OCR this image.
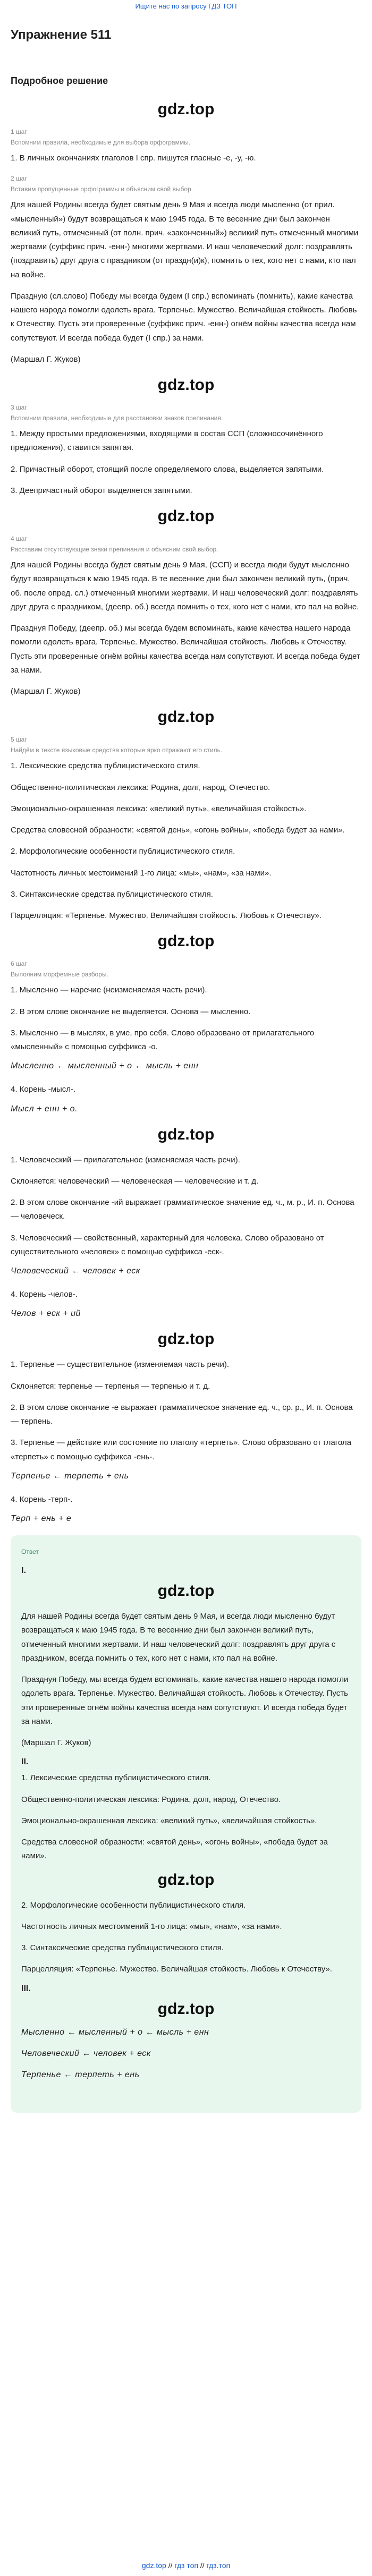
Ищите нас по запросу ГДЗ ТОП
Упражнение 511
Подробное решение
gdz.top
1 шаг
Вспомним правила, необходимые для выбора орфограммы.

1. В личных окончаниях глаголов I спр. пишутся гласные -е, -у, -ю.

2 шаг
Вставим пропущенные орфограммы и объясним свой выбор.

Для нашей Родины всегда будет святым день 9 Мая и всегда люди мысленно (от прил. «мысленный») будут возвращаться к маю 1945 года. В те весенние дни был закончен великий путь, отмеченный (от полн. прич. «законченный») великий путь отмеченный многими жертвами (суффикс прич. -енн-) многими жертвами. И наш человеческий долг: поздравлять (поздравить) друг друга с праздником (от праздн(и)к), помнить о тех, кого нет с нами, кто пал на войне.

Праздную (сл.слово) Победу мы всегда будем (I спр.) вспоминать (помнить), какие качества нашего народа помогли одолеть врага. Терпенье. Мужество. Величайшая стойкость. Любовь к Отечеству. Пусть эти проверенные (суффикс прич. -енн-) огнём войны качества всегда нам сопутствуют. И всегда победа будет (I спр.) за нами.

(Маршал Г. Жуков)

gdz.top
3 шаг
Вспомним правила, необходимые для расстановки знаков препинания.

1. Между простыми предложениями, входящими в состав ССП (сложносочинённого предложения), ставится запятая.

2. Причастный оборот, стоящий после определяемого слова, выделяется запятыми.

3. Деепричастный оборот выделяется запятыми.

gdz.top
4 шаг
Расставим отсутствующие знаки препинания и объясним свой выбор.

Для нашей Родины всегда будет святым день 9 Мая, (ССП) и всегда люди будут мысленно будут возвращаться к маю 1945 года. В те весенние дни был закончен великий путь, (прич. об. после опред. сл.) отмеченный многими жертвами. И наш человеческий долг: поздравлять друг друга с праздником, (деепр. об.) всегда помнить о тех, кого нет с нами, кто пал на войне.

Празднуя Победу, (деепр. об.) мы всегда будем вспоминать, какие качества нашего народа помогли одолеть врага. Терпенье. Мужество. Величайшая стойкость. Любовь к Отечеству. Пусть эти проверенные огнём войны качества всегда нам сопутствуют. И всегда победа будет за нами.

(Маршал Г. Жуков)

gdz.top
5 шаг
Найдём в тексте языковые средства которые ярко отражают его стиль.

1. Лексические средства публицистического стиля.

Общественно-политическая лексика: Родина, долг, народ, Отечество.

Эмоционально-окрашенная лексика: «великий путь», «величайшая стойкость».

Средства словесной образности: «святой день», «огонь войны», «победа будет за нами».

2. Морфологические особенности публицистического стиля.

Частотность личных местоимений 1-го лица: «мы», «нам», «за нами».

3. Синтаксические средства публицистического стиля.

Парцелляция: «Терпенье. Мужество. Величайшая стойкость. Любовь к Отечеству».

gdz.top
6 шаг
Выполним морфемные разборы.

1. Мысленно — наречие (неизменяемая часть речи).

2. В этом слове окончание не выделяется. Основа — мысленно.

3. Мысленно — в мыслях, в уме, про себя. Слово образовано от прилагательного «мысленный» с помощью суффикса -о.

Мысленно ← мысленный + о ← мысль + енн

4. Корень -мысл-.

Мысл + енн + о.
gdz.top

1. Человеческий — прилагательное (изменяемая часть речи).

Склоняется: человеческий — человеческая — человеческие и т. д.

2. В этом слове окончание -ий выражает грамматическое значение ед. ч., м. р., И. п. Основа — человеческ.

3. Человеческий — свойственный, характерный для человека. Слово образовано от существительного «человек» с помощью суффикса -еск-.

Человеческий ← человек + еск

4. Корень -челов-.

Челов + еск + ий
gdz.top

1. Терпенье — существительное (изменяемая часть речи).

Склоняется: терпенье — терпенья — терпенью и т. д.

2. В этом слове окончание -е выражает грамматическое значение ед. ч., ср. р., И. п. Основа — терпень.

3. Терпенье — действие или состояние по глаголу «терпеть». Слово образовано от глагола «терпеть» с помощью суффикса -ень-.

Терпенье ← терпеть + ень

4. Корень -терп-.

Терп + ень + е
Ответ
I.
gdz.top

Для нашей Родины всегда будет святым день 9 Мая, и всегда люди мысленно будут возвращаться к маю 1945 года. В те весенние дни был закончен великий путь, отмеченный многими жертвами. И наш человеческий долг: поздравлять друг друга с праздником, всегда помнить о тех, кого нет с нами, кто пал на войне.

Празднуя Победу, мы всегда будем вспоминать, какие качества нашего народа помогли одолеть врага. Терпенье. Мужество. Величайшая стойкость. Любовь к Отечеству. Пусть эти проверенные огнём войны качества всегда нам сопутствуют. И всегда победа будет за нами.

(Маршал Г. Жуков)

II.

1. Лексические средства публицистического стиля.

Общественно-политическая лексика: Родина, долг, народ, Отечество.

Эмоционально-окрашенная лексика: «великий путь», «величайшая стойкость».

Средства словесной образности: «святой день», «огонь войны», «победа будет за нами».

gdz.top

2. Морфологические особенности публицистического стиля.

Частотность личных местоимений 1-го лица: «мы», «нам», «за нами».

3. Синтаксические средства публицистического стиля.

Парцелляция: «Терпенье. Мужество. Величайшая стойкость. Любовь к Отечеству».

III.
gdz.top
Мысленно ← мысленный + о ← мысль + енн
Человеческий ← человек + еск
Терпенье ← терпеть + ень
gdz.top // гдз топ // гдз.топ
